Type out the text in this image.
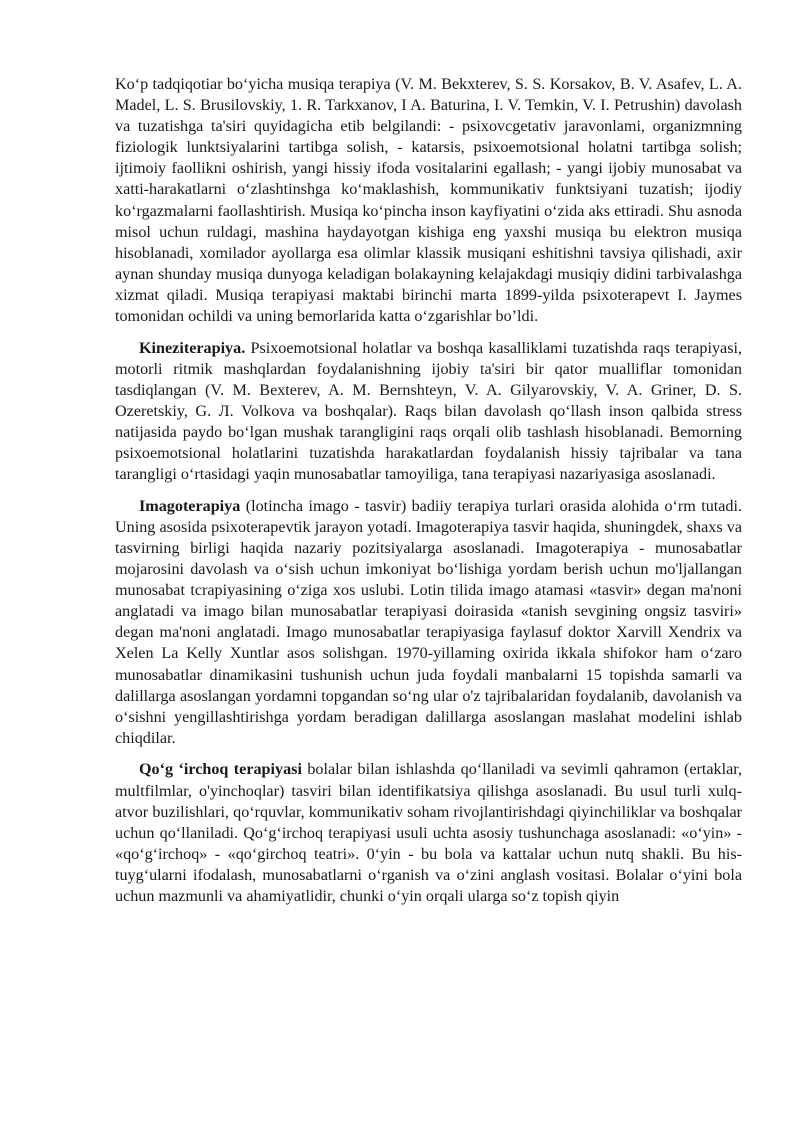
Ko‘p tadqiqotiar bo‘yicha musiqa terapiya (V. M. Bekxterev, S. S. Korsakov, B. V. Asafev, L. A. Madel, L. S. Brusilovskiy, 1. R. Tarkxanov, I A. Baturina, I. V. Temkin, V. I. Petrushin) davolash va tuzatishga ta'siri quyidagicha etib belgilandi: - psixovcgetativ jaravonlami, organizmning fiziologik lunktsiyalarini tartibga solish, - katarsis, psixoemotsional holatni tartibga solish; ijtimoiy faollikni oshirish, yangi hissiy ifoda vositalarini egallash; - yangi ijobiy munosabat va xatti-harakatlarni o‘zlashtinshga ko‘maklashish, kommunikativ funktsiyani tuzatish; ijodiy ko‘rgazmalarni faollashtirish. Musiqa ko‘pincha inson kayfiyatini o‘zida aks ettiradi. Shu asnoda misol uchun ruldagi, mashina haydayotgan kishiga eng yaxshi musiqa bu elektron musiqa hisoblanadi, xomilador ayollarga esa olimlar klassik musiqani eshitishni tavsiya qilishadi, axir aynan shunday musiqa dunyoga keladigan bolakayning kelajakdagi musiqiy didini tarbivalashga xizmat qiladi. Musiqa terapiyasi maktabi birinchi marta 1899-yilda psixoterapevt I. Jaymes tomonidan ochildi va uning bemorlarida katta o‘zgarishlar bo’ldi.

Kineziterapiya. Psixoemotsional holatlar va boshqa kasalliklami tuzatishda raqs terapiyasi, motorli ritmik mashqlardan foydalanishning ijobiy ta'siri bir qator mualliflar tomonidan tasdiqlangan (V. M. Bexterev, A. M. Bernshteyn, V. A. Gilyarovskiy, V. A. Griner, D. S. Ozeretskiy, G. Л. Volkova va boshqalar). Raqs bilan davolash qo‘llash inson qalbida stress natijasida paydo bo‘lgan mushak tarangligini raqs orqali olib tashlash hisoblanadi. Bemorning psixoemotsional holatlarini tuzatishda harakatlardan foydalanish hissiy tajribalar va tana tarangligi o‘rtasidagi yaqin munosabatlar tamoyiliga, tana terapiyasi nazariyasiga asoslanadi.

Imagoterapiya (lotincha imago - tasvir) badiiy terapiya turlari orasida alohida o‘rm tutadi. Uning asosida psixoterapevtik jarayon yotadi. Imagoterapiya tasvir haqida, shuningdek, shaxs va tasvirning birligi haqida nazariy pozitsiyalarga asoslanadi. Imagoterapiya - munosabatlar mojarosini davolash va o‘sish uchun imkoniyat bo‘lishiga yordam berish uchun mo'ljallangan munosabat tcrapiyasining o‘ziga xos uslubi. Lotin tilida imago atamasi «tasvir» degan ma'noni anglatadi va imago bilan munosabatlar terapiyasi doirasida «tanish sevgining ongsiz tasviri» degan ma'noni anglatadi. Imago munosabatlar terapiyasiga faylasuf doktor Xarvill Xendrix va Xelen La Kelly Xuntlar asos solishgan. 1970-yillaming oxirida ikkala shifokor ham o‘zaro munosabatlar dinamikasini tushunish uchun juda foydali manbalarni 15 topishda samarli va dalillarga asoslangan yordamni topgandan so‘ng ular o'z tajribalaridan foydalanib, davolanish va o‘sishni yengillashtirishga yordam beradigan dalillarga asoslangan maslahat modelini ishlab chiqdilar.

Qo‘g ‘irchoq terapiyasi bolalar bilan ishlashda qo‘llaniladi va sevimli qahramon (ertaklar, multfilmlar, o'yinchoqlar) tasviri bilan identifikatsiya qilishga asoslanadi. Bu usul turli xulq-atvor buzilishlari, qo‘rquvlar, kommunikativ soham rivojlantirishdagi qiyinchiliklar va boshqalar uchun qo‘llaniladi. Qo‘g‘irchoq terapiyasi usuli uchta asosiy tushunchaga asoslanadi: «o‘yin» - «qo‘g‘irchoq» - «qo‘girchoq teatri». 0‘yin - bu bola va kattalar uchun nutq shakli. Bu his-tuyg‘ularni ifodalash, munosabatlarni o‘rganish va o‘zini anglash vositasi. Bolalar o‘yini bola uchun mazmunli va ahamiyatlidir, chunki o‘yin orqali ularga so‘z topish qiyin
